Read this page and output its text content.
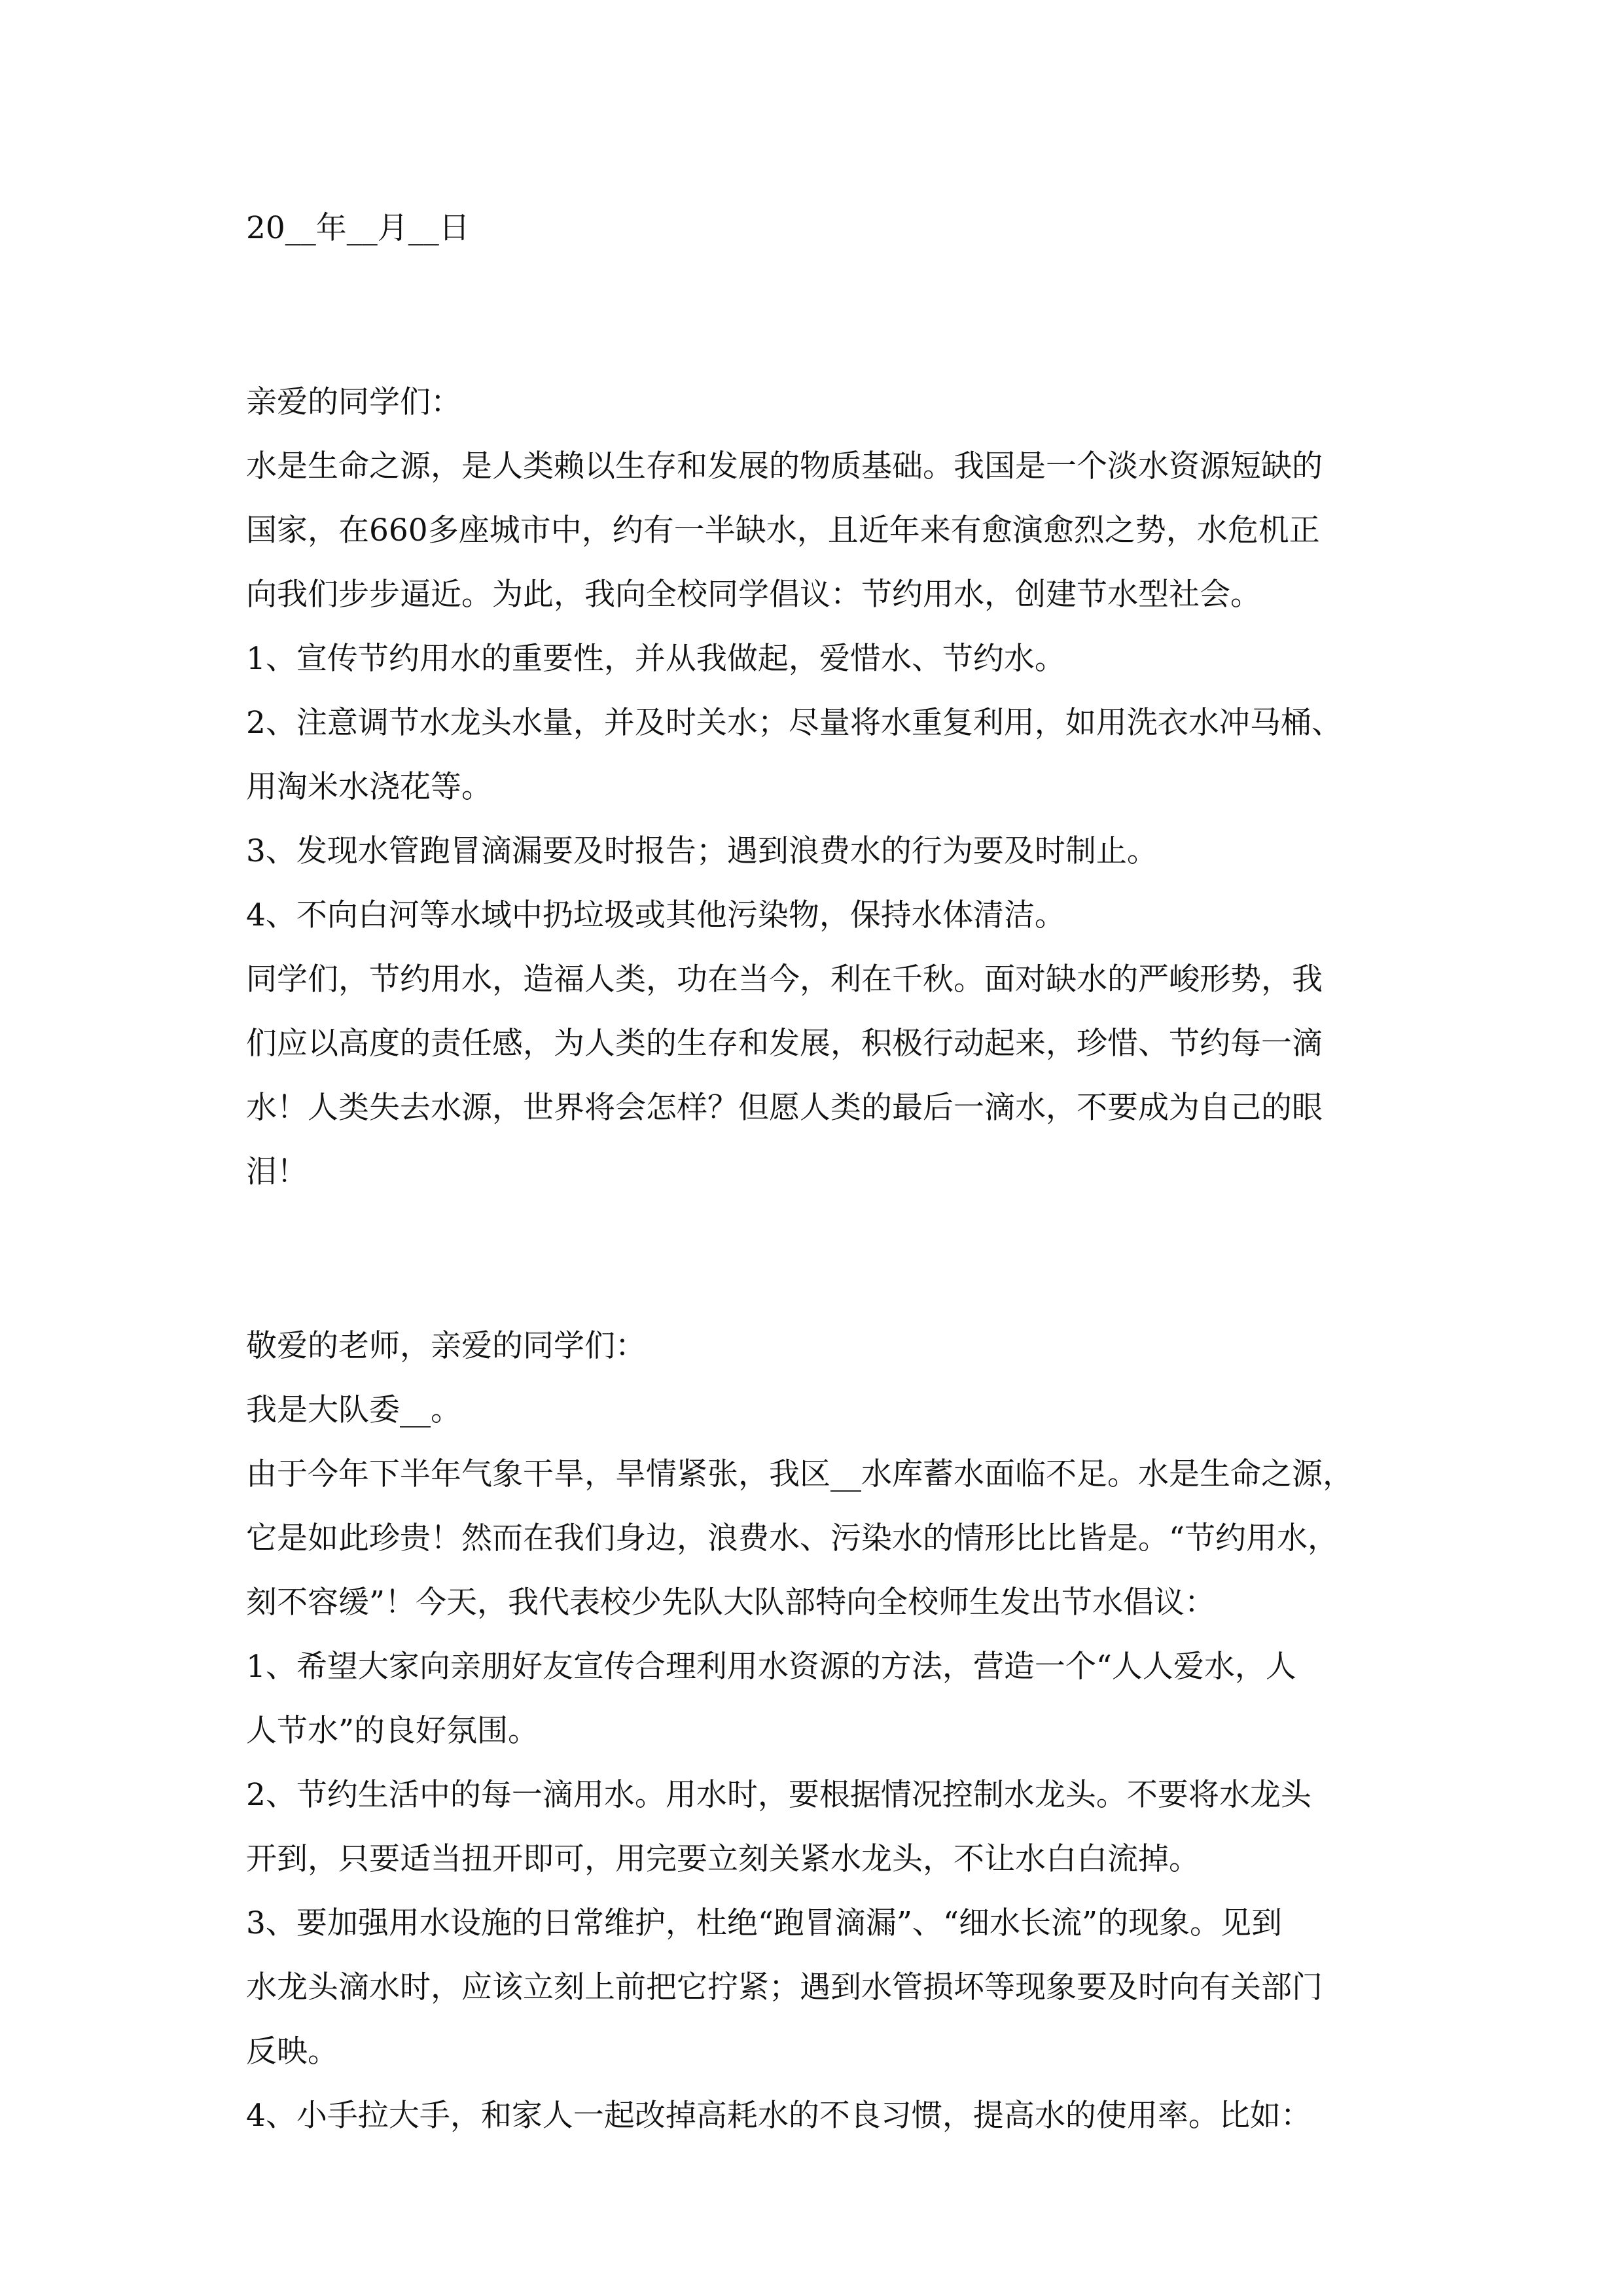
20__年__月__日

亲爱的同学们：

水是生命之源，是人类赖以生存和发展的物质基础。我国是一个淡水资源短缺的

国家，在660多座城市中，约有一半缺水，且近年来有愈演愈烈之势，水危机正

向我们步步逼近。为此，我向全校同学倡议：节约用水，创建节水型社会。

1、宣传节约用水的重要性，并从我做起，爱惜水、节约水。

2、注意调节水龙头水量，并及时关水；尽量将水重复利用，如用洗衣水冲马桶、

用淘米水浇花等。

3、发现水管跑冒滴漏要及时报告；遇到浪费水的行为要及时制止。

4、不向白河等水域中扔垃圾或其他污染物，保持水体清洁。

同学们，节约用水，造福人类，功在当今，利在千秋。面对缺水的严峻形势，我

们应以高度的责任感，为人类的生存和发展，积极行动起来，珍惜、节约每一滴

水！人类失去水源，世界将会怎样？但愿人类的最后一滴水，不要成为自己的眼

泪！

敬爱的老师，亲爱的同学们：

我是大队委__。

由于今年下半年气象干旱，旱情紧张，我区__水库蓄水面临不足。水是生命之源，

它是如此珍贵！然而在我们身边，浪费水、污染水的情形比比皆是。“节约用水，

刻不容缓”！今天，我代表校少先队大队部特向全校师生发出节水倡议：

1、希望大家向亲朋好友宣传合理利用水资源的方法，营造一个“人人爱水，人

人节水”的良好氛围。

2、节约生活中的每一滴用水。用水时，要根据情况控制水龙头。不要将水龙头

开到，只要适当扭开即可，用完要立刻关紧水龙头，不让水白白流掉。

3、要加强用水设施的日常维护，杜绝“跑冒滴漏”、“细水长流”的现象。见到

水龙头滴水时，应该立刻上前把它拧紧；遇到水管损坏等现象要及时向有关部门

反映。

4、小手拉大手，和家人一起改掉高耗水的不良习惯，提高水的使用率。比如：
